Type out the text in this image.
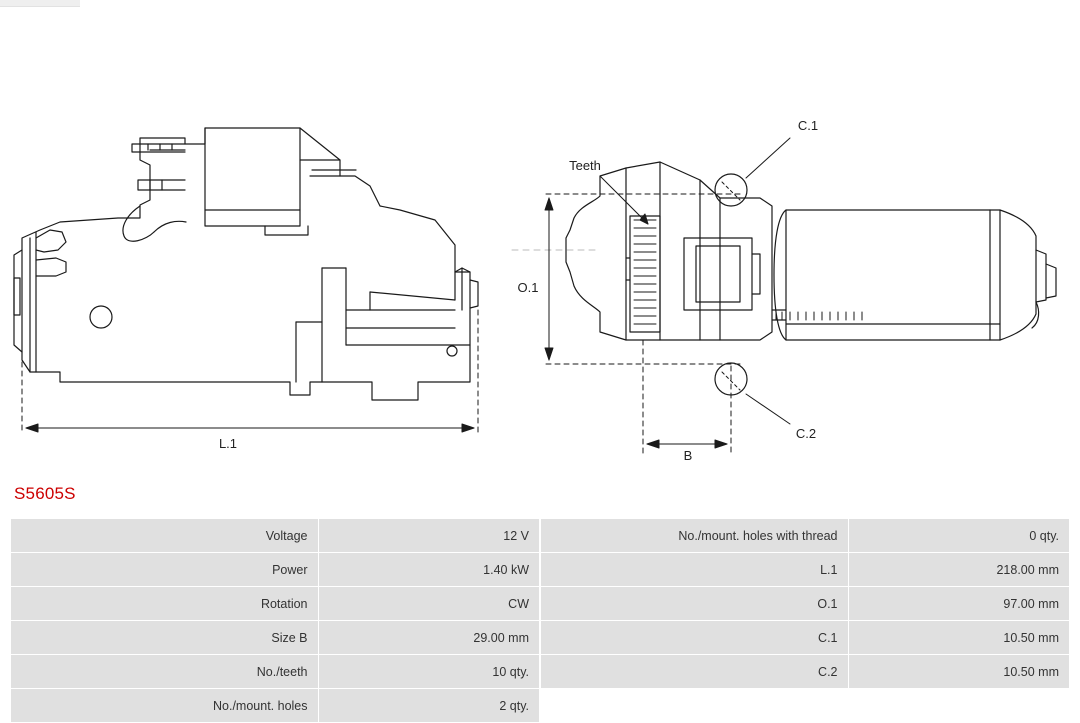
L.1
Teeth
C.1
C.2
O.1
B
S5605S
Voltage	12 V
Power	1.40 kW
Rotation	CW
Size B	29.00 mm
No./teeth	10 qty.
No./mount. holes	2 qty.
No./mount. holes with thread	0 qty.
L.1	218.00 mm
O.1	97.00 mm
C.1	10.50 mm
C.2	10.50 mm
